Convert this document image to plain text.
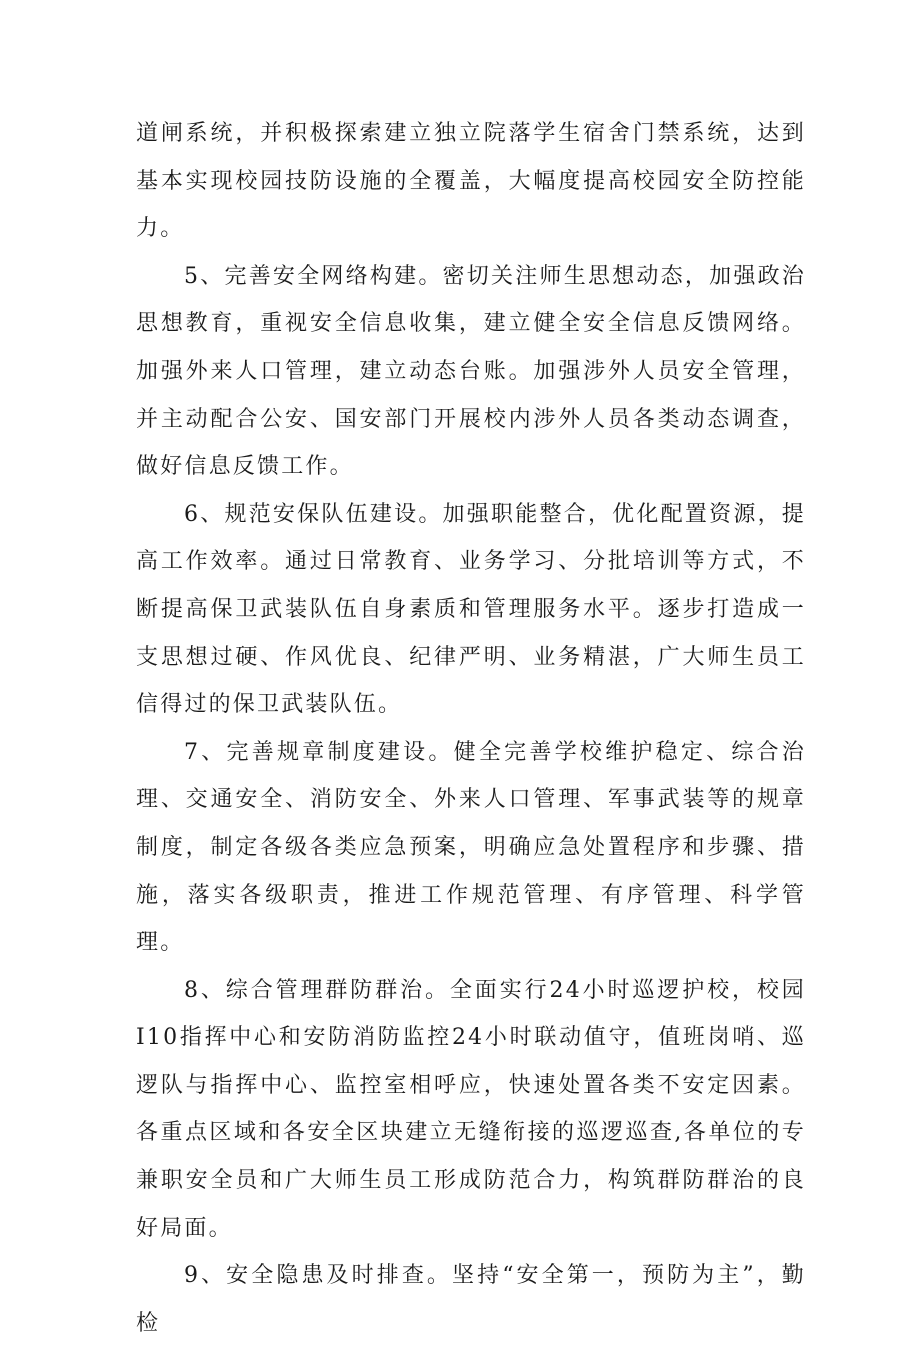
道闸系统，并积极探索建立独立院落学生宿舍门禁系统，达到基本实现校园技防设施的全覆盖，大幅度提高校园安全防控能力。

5、完善安全网络构建。密切关注师生思想动态，加强政治思想教育，重视安全信息收集，建立健全安全信息反馈网络。加强外来人口管理，建立动态台账。加强涉外人员安全管理，并主动配合公安、国安部门开展校内涉外人员各类动态调查，做好信息反馈工作。

6、规范安保队伍建设。加强职能整合，优化配置资源，提高工作效率。通过日常教育、业务学习、分批培训等方式，不断提高保卫武装队伍自身素质和管理服务水平。逐步打造成一支思想过硬、作风优良、纪律严明、业务精湛，广大师生员工信得过的保卫武装队伍。

7、完善规章制度建设。健全完善学校维护稳定、综合治理、交通安全、消防安全、外来人口管理、军事武装等的规章制度，制定各级各类应急预案，明确应急处置程序和步骤、措施，落实各级职责，推进工作规范管理、有序管理、科学管理。

8、综合管理群防群治。全面实行24小时巡逻护校，校园I10指挥中心和安防消防监控24小时联动值守，值班岗哨、巡逻队与指挥中心、监控室相呼应，快速处置各类不安定因素。各重点区域和各安全区块建立无缝衔接的巡逻巡查,各单位的专兼职安全员和广大师生员工形成防范合力，构筑群防群治的良好局面。

9、安全隐患及时排查。坚持“安全第一，预防为主”，勤检
